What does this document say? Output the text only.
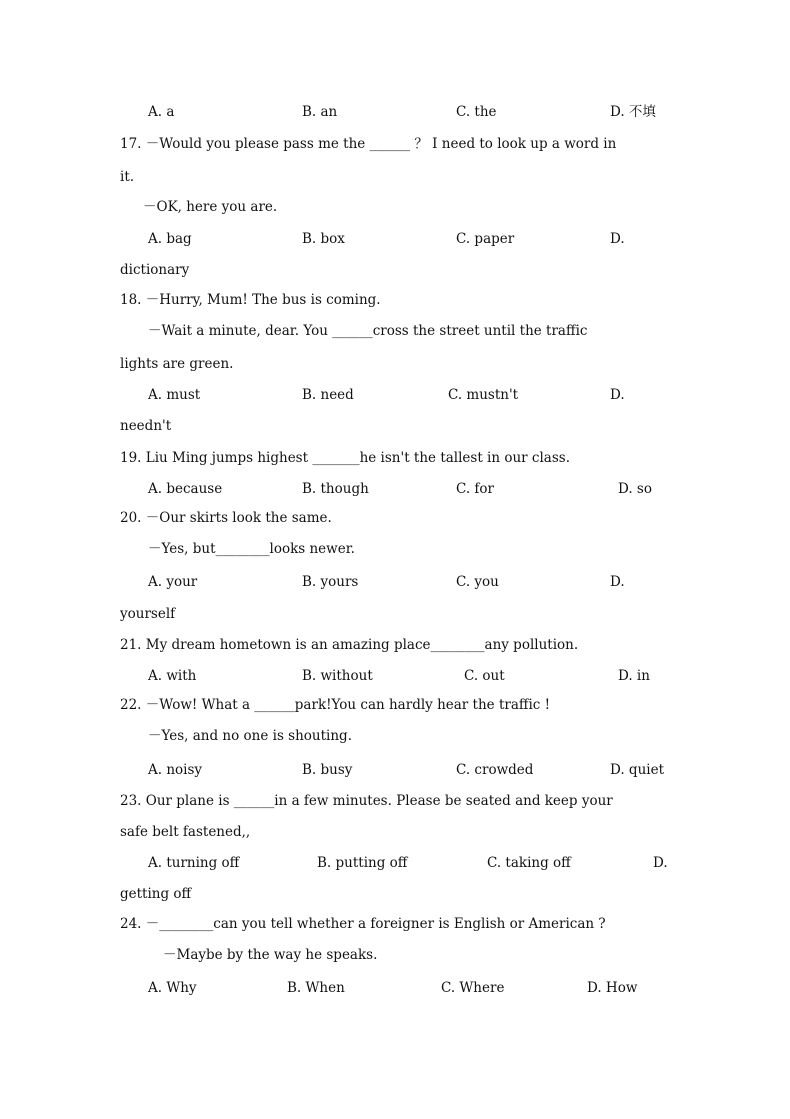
A. a	B. an	C. the	D. 不填
17. －Would you please pass me the ______ ？ I need to look up a word in
it.
－OK, here you are.
A. bag	B. box	C. paper	D.
dictionary
18. －Hurry, Mum! The bus is coming.
－Wait a minute, dear. You ______cross the street until the traffic
lights are green.
A. must	B. need	C. mustn't	D.
needn't
19. Liu Ming jumps highest _______he isn't the tallest in our class.
A. because	B. though	C. for	D. so
20. －Our skirts look the same.
－Yes, but________looks newer.
A. your	B. yours	C. you	D.
yourself
21. My dream hometown is an amazing place________any pollution.
A. with	B. without	C. out	D. in
22. －Wow! What a ______park!You can hardly hear the traffic !
－Yes, and no one is shouting.
A. noisy	B. busy	C. crowded	D. quiet
23. Our plane is ______in a few minutes. Please be seated and keep your
safe belt fastened,,
A. turning off	B. putting off	C. taking off	D.
getting off
24. －________can you tell whether a foreigner is English or American ?
－Maybe by the way he speaks.
A. Why	B. When	C. Where	D. How
